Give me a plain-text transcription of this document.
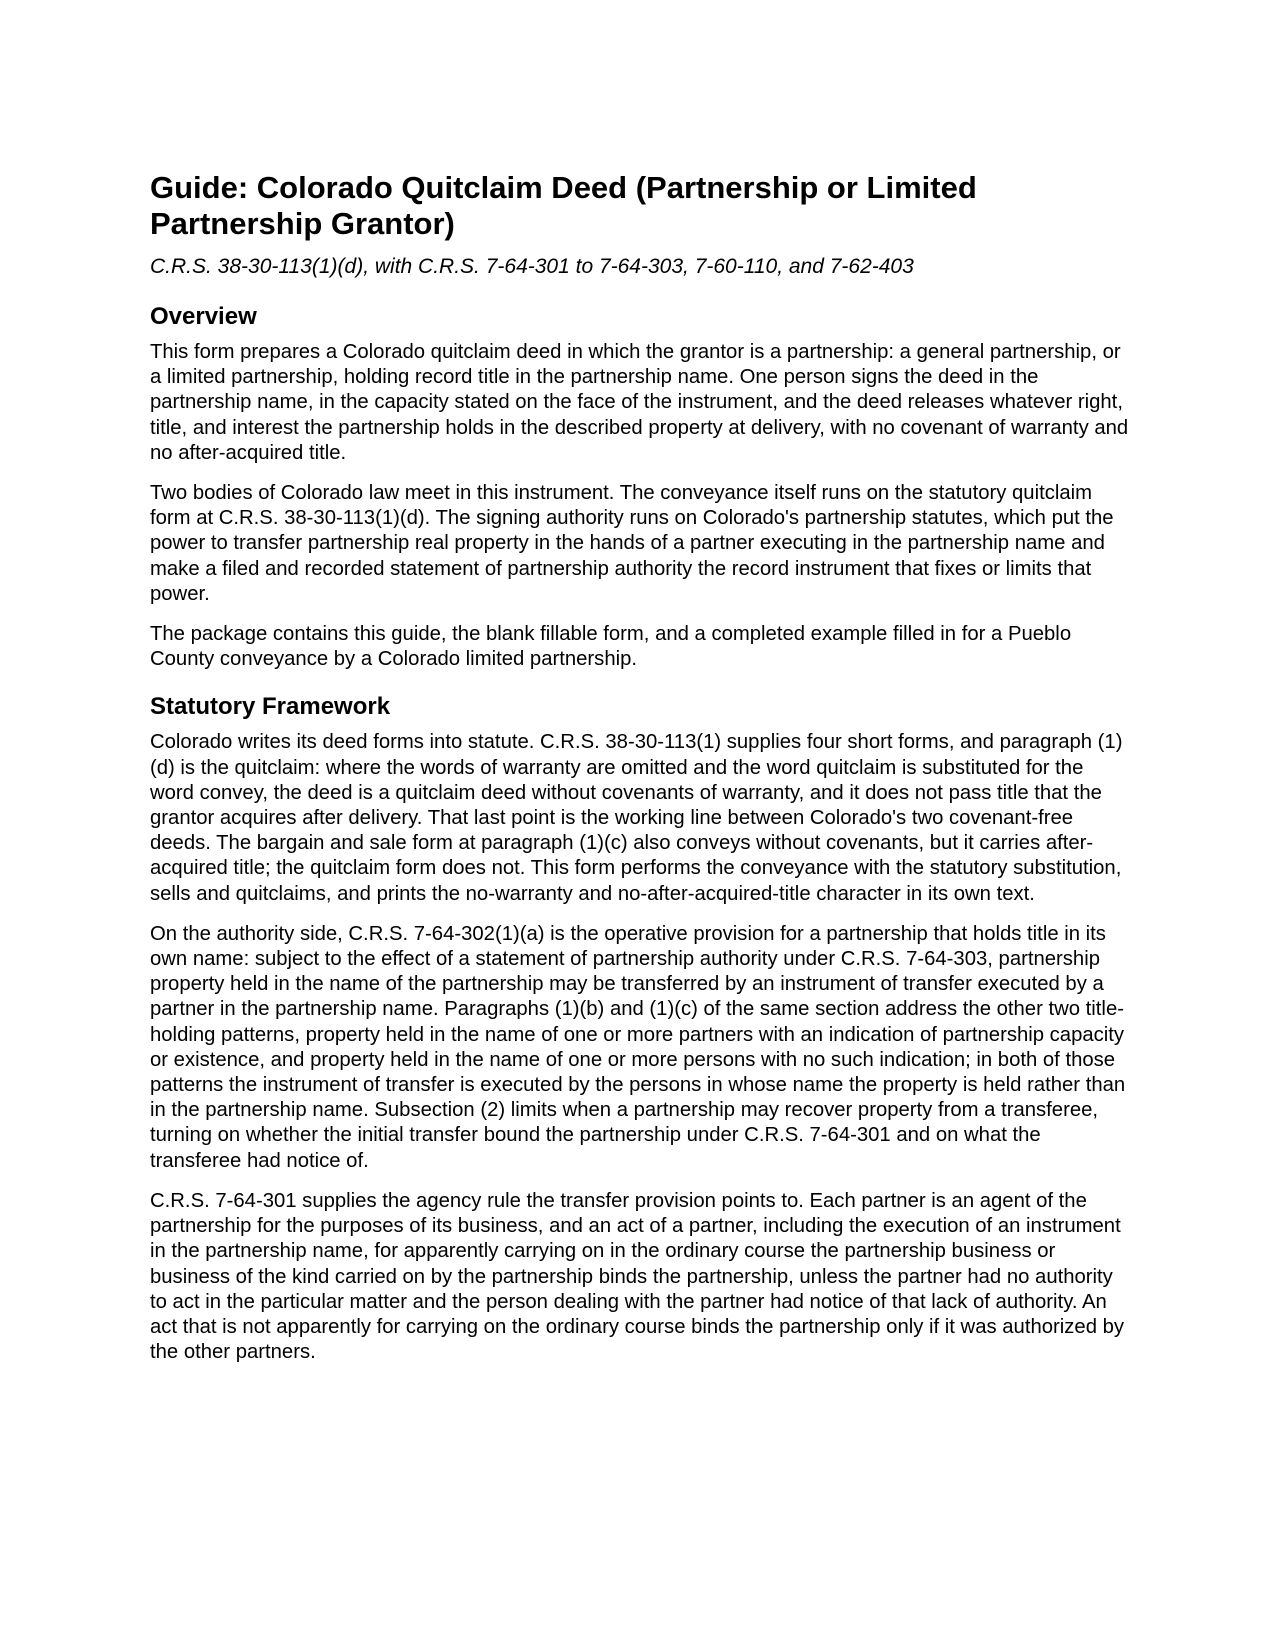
Guide: Colorado Quitclaim Deed (Partnership or Limited Partnership Grantor)

C.R.S. 38-30-113(1)(d), with C.R.S. 7-64-301 to 7-64-303, 7-60-110, and 7-62-403

Overview

This form prepares a Colorado quitclaim deed in which the grantor is a partnership: a general partnership, or a limited partnership, holding record title in the partnership name. One person signs the deed in the partnership name, in the capacity stated on the face of the instrument, and the deed releases whatever right, title, and interest the partnership holds in the described property at delivery, with no covenant of warranty and no after-acquired title.

Two bodies of Colorado law meet in this instrument. The conveyance itself runs on the statutory quitclaim form at C.R.S. 38-30-113(1)(d). The signing authority runs on Colorado's partnership statutes, which put the power to transfer partnership real property in the hands of a partner executing in the partnership name and make a filed and recorded statement of partnership authority the record instrument that fixes or limits that power.

The package contains this guide, the blank fillable form, and a completed example filled in for a Pueblo County conveyance by a Colorado limited partnership.

Statutory Framework

Colorado writes its deed forms into statute. C.R.S. 38-30-113(1) supplies four short forms, and paragraph (1)(d) is the quitclaim: where the words of warranty are omitted and the word quitclaim is substituted for the word convey, the deed is a quitclaim deed without covenants of warranty, and it does not pass title that the grantor acquires after delivery. That last point is the working line between Colorado's two covenant-free deeds. The bargain and sale form at paragraph (1)(c) also conveys without covenants, but it carries after-acquired title; the quitclaim form does not. This form performs the conveyance with the statutory substitution, sells and quitclaims, and prints the no-warranty and no-after-acquired-title character in its own text.

On the authority side, C.R.S. 7-64-302(1)(a) is the operative provision for a partnership that holds title in its own name: subject to the effect of a statement of partnership authority under C.R.S. 7-64-303, partnership property held in the name of the partnership may be transferred by an instrument of transfer executed by a partner in the partnership name. Paragraphs (1)(b) and (1)(c) of the same section address the other two title-holding patterns, property held in the name of one or more partners with an indication of partnership capacity or existence, and property held in the name of one or more persons with no such indication; in both of those patterns the instrument of transfer is executed by the persons in whose name the property is held rather than in the partnership name. Subsection (2) limits when a partnership may recover property from a transferee, turning on whether the initial transfer bound the partnership under C.R.S. 7-64-301 and on what the transferee had notice of.

C.R.S. 7-64-301 supplies the agency rule the transfer provision points to. Each partner is an agent of the partnership for the purposes of its business, and an act of a partner, including the execution of an instrument in the partnership name, for apparently carrying on in the ordinary course the partnership business or business of the kind carried on by the partnership binds the partnership, unless the partner had no authority to act in the particular matter and the person dealing with the partner had notice of that lack of authority. An act that is not apparently for carrying on the ordinary course binds the partnership only if it was authorized by the other partners.
